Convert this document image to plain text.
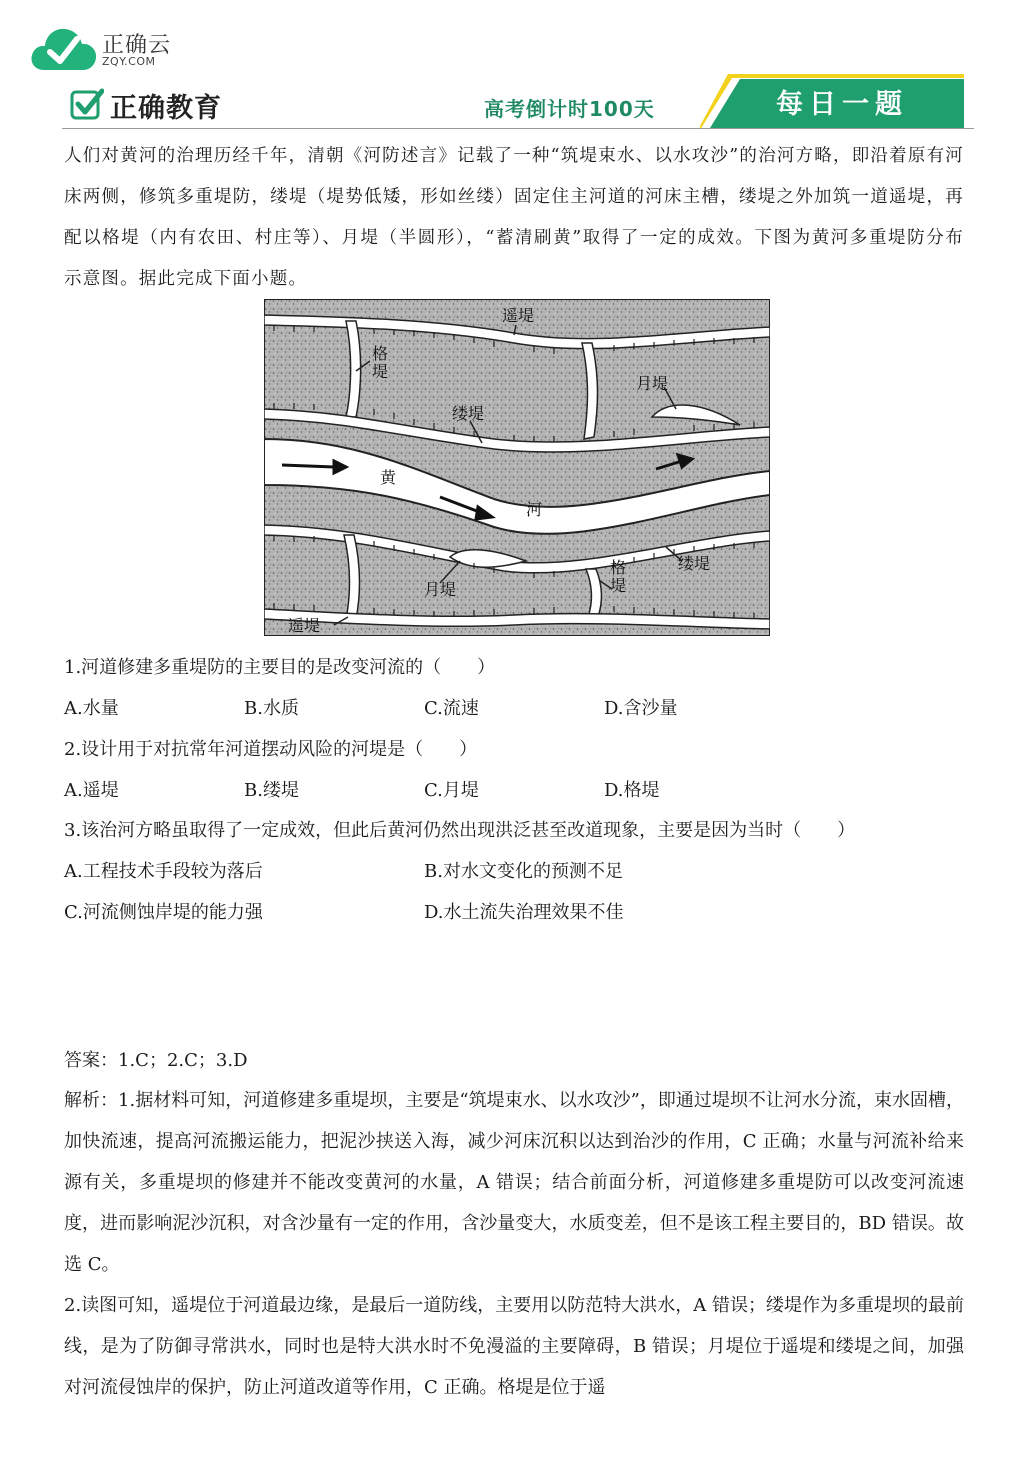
正确云
ZQY.COM
正确教育	高考倒计时100天	每日一题
人们对黄河的治理历经千年，清朝《河防述言》记载了一种“筑堤束水、以水攻沙”的治河方略，即沿着原有河床两侧，修筑多重堤防，缕堤（堤势低矮，形如丝缕）固定住主河道的河床主槽，缕堤之外加筑一道遥堤，再配以格堤（内有农田、村庄等）、月堤（半圆形），“蓄清刷黄”取得了一定的成效。下图为黄河多重堤防分布示意图。据此完成下面小题。
遥堤
格
堤
月堤
缕堤
黄
河
缕堤
格
堤
月堤
遥堤
1.河道修建多重堤防的主要目的是改变河流的（　　）
A.水量	B.水质	C.流速	D.含沙量
2.设计用于对抗常年河道摆动风险的河堤是（　　）
A.遥堤	B.缕堤	C.月堤	D.格堤
3.该治河方略虽取得了一定成效，但此后黄河仍然出现洪泛甚至改道现象，主要是因为当时（　　）
A.工程技术手段较为落后	B.对水文变化的预测不足
C.河流侧蚀岸堤的能力强	D.水土流失治理效果不佳
答案：1.C；2.C；3.D

解析：1.据材料可知，河道修建多重堤坝，主要是“筑堤束水、以水攻沙”，即通过堤坝不让河水分流，束水固槽，加快流速，提高河流搬运能力，把泥沙挟送入海，减少河床沉积以达到治沙的作用，C 正确；水量与河流补给来源有关，多重堤坝的修建并不能改变黄河的水量，A 错误；结合前面分析，河道修建多重堤防可以改变河流速度，进而影响泥沙沉积，对含沙量有一定的作用，含沙量变大，水质变差，但不是该工程主要目的，BD 错误。故选 C。

2.读图可知，遥堤位于河道最边缘，是最后一道防线，主要用以防范特大洪水，A 错误；缕堤作为多重堤坝的最前线，是为了防御寻常洪水，同时也是特大洪水时不免漫溢的主要障碍，B 错误；月堤位于遥堤和缕堤之间，加强对河流侵蚀岸的保护，防止河道改道等作用，C 正确。格堤是位于遥
